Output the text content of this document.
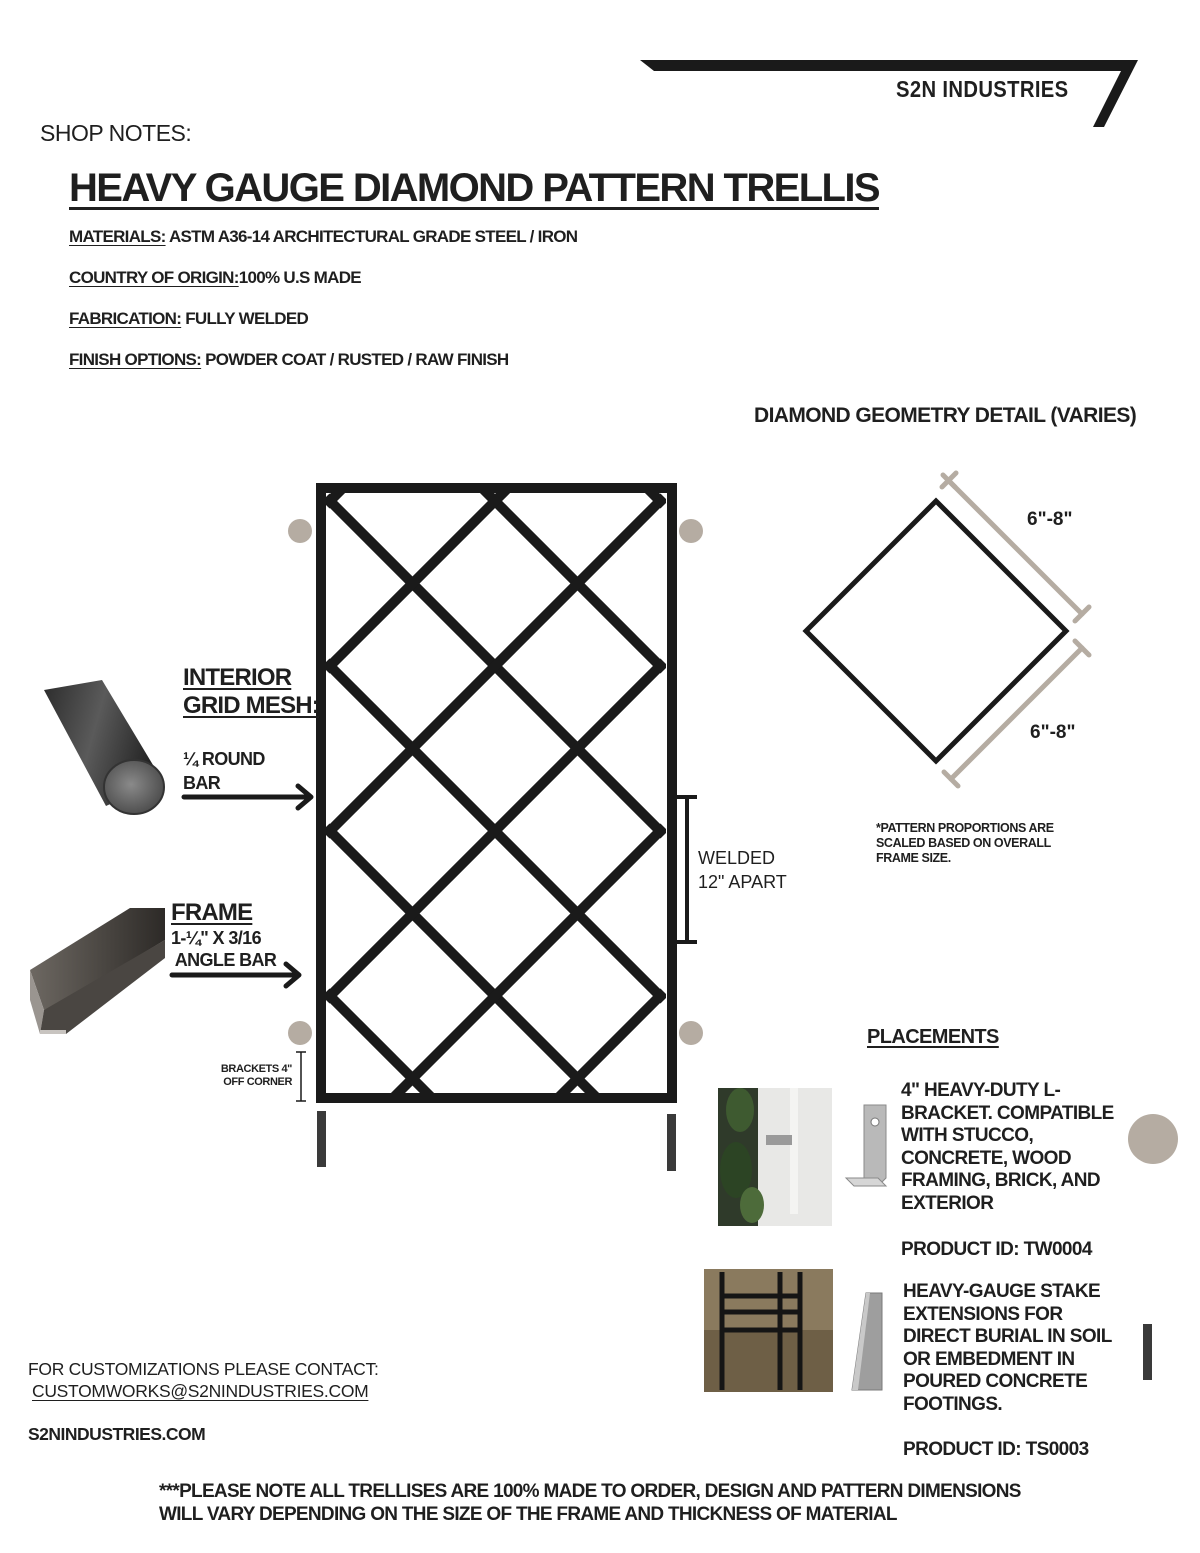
S2N INDUSTRIES
SHOP NOTES:
HEAVY GAUGE DIAMOND PATTERN TRELLIS
MATERIALS: ASTM A36-14 ARCHITECTURAL GRADE STEEL / IRON
COUNTRY OF ORIGIN:100% U.S MADE
FABRICATION: FULLY WELDED
FINISH OPTIONS: POWDER COAT / RUSTED / RAW FINISH
DIAMOND GEOMETRY DETAIL (VARIES)
6"-8"
6"-8"
*PATTERN PROPORTIONS ARE SCALED BASED ON OVERALL FRAME SIZE.
INTERIOR GRID MESH:
¼ ROUND
BAR
FRAME
1-¼" X 3/16
ANGLE BAR
WELDED
12" APART
BRACKETS 4"
OFF CORNER
PLACEMENTS
4" HEAVY-DUTY L-BRACKET. COMPATIBLE WITH STUCCO, CONCRETE, WOOD FRAMING, BRICK, AND EXTERIOR
PRODUCT ID: TW0004
HEAVY-GAUGE STAKE EXTENSIONS FOR DIRECT BURIAL IN SOIL OR EMBEDMENT IN POURED CONCRETE FOOTINGS.
PRODUCT ID: TS0003
FOR CUSTOMIZATIONS PLEASE CONTACT:
CUSTOMWORKS@S2NINDUSTRIES.COM
S2NINDUSTRIES.COM
***PLEASE NOTE ALL TRELLISES ARE 100% MADE TO ORDER, DESIGN AND PATTERN DIMENSIONS
WILL VARY DEPENDING ON THE SIZE OF THE FRAME AND THICKNESS OF MATERIAL
